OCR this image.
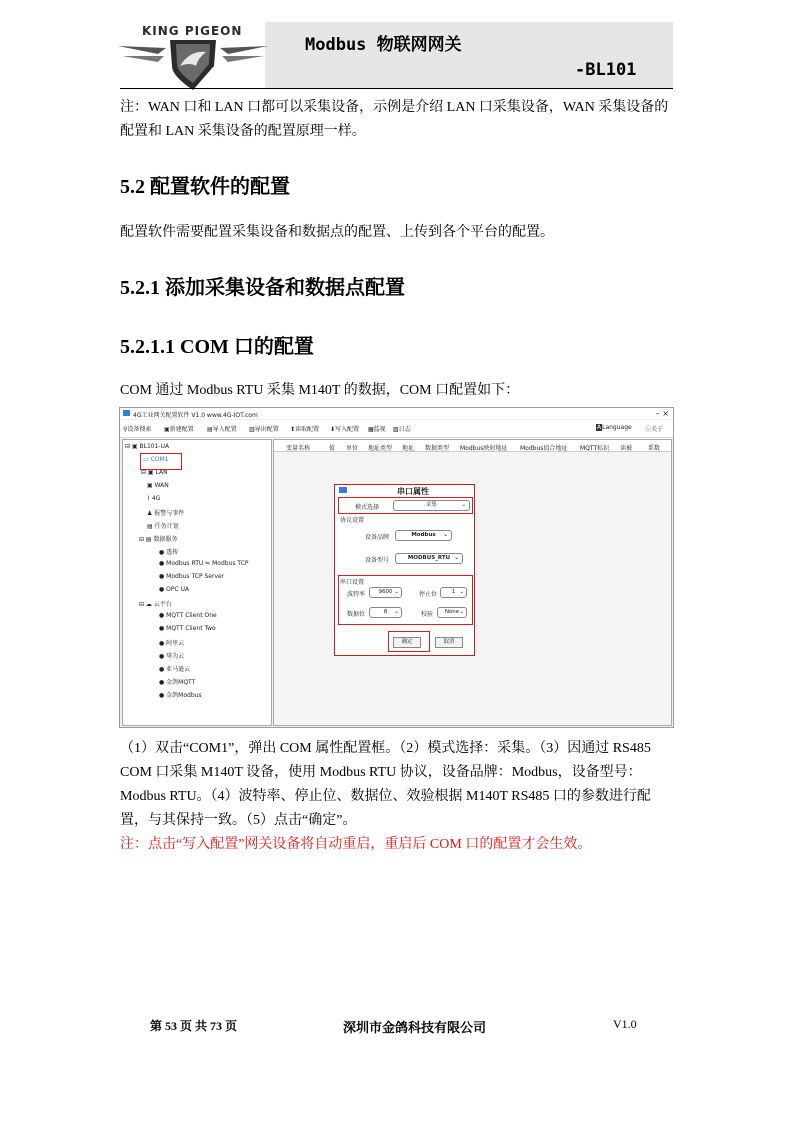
KING PIGEON
Modbus 物联网网关
-BL101
注：WAN 口和 LAN 口都可以采集设备，示例是介绍 LAN 口采集设备，WAN 采集设备的配置和 LAN 采集设备的配置原理一样。
5.2 配置软件的配置
配置软件需要配置采集设备和数据点的配置、上传到各个平台的配置。
5.2.1 添加采集设备和数据点配置
5.2.1.1 COM 口的配置
COM 通过 Modbus RTU 采集 M140T 的数据，COM 口配置如下：
4G工业网关配置软件 V1.0 www.4G-IOT.com	– ×
⚲设备搜索 ▣新建配置 ▤导入配置 ▥导出配置 ⬆读取配置 ⬇写入配置 ▦监视 ▧日志	ALanguage ⓘ关于
⊟ ▣ BL101-UA
▭ COM1
⊟ ▣ LAN
▣ WAN
⌇ 4G
♟ 报警与事件
▤ 任务计划
⊟ ▤ 数据服务
● 透传
● Modbus RTU ≒ Modbus TCP
● Modbus TCP Server
● OPC UA
⊟ ☁ 云平台
● MQTT Client One
● MQTT Client Two
● 阿里云
● 华为云
● 亚马逊云
● 金鸽MQTT
● 金鸽Modbus
变量名称	值 单位 地址类型 地址 数据类型 Modbus映射地址 Modbus值合地址 MQTT标识 读被	系数
串口属性
模式选择	采集	⌄
协议设置
设备品牌	Modbus ⌄
设备型号	MODBUS_RTU ⌄
串口设置
波特率	9600 ⌄	停止位	1 ⌄
数据位	8 ⌄	校验	None ⌄
确定	取消
（1）双击“COM1”，弹出 COM 属性配置框。（2）模式选择：采集。（3）因通过 RS485 COM 口采集 M140T 设备，使用 Modbus RTU 协议，设备品牌：Modbus，设备型号：Modbus RTU。（4）波特率、停止位、数据位、效验根据 M140T RS485 口的参数进行配置，与其保持一致。（5）点击“确定”。
注：点击“写入配置”网关设备将自动重启，重启后 COM 口的配置才会生效。
第 53 页 共 73 页	深圳市金鸽科技有限公司	V1.0
